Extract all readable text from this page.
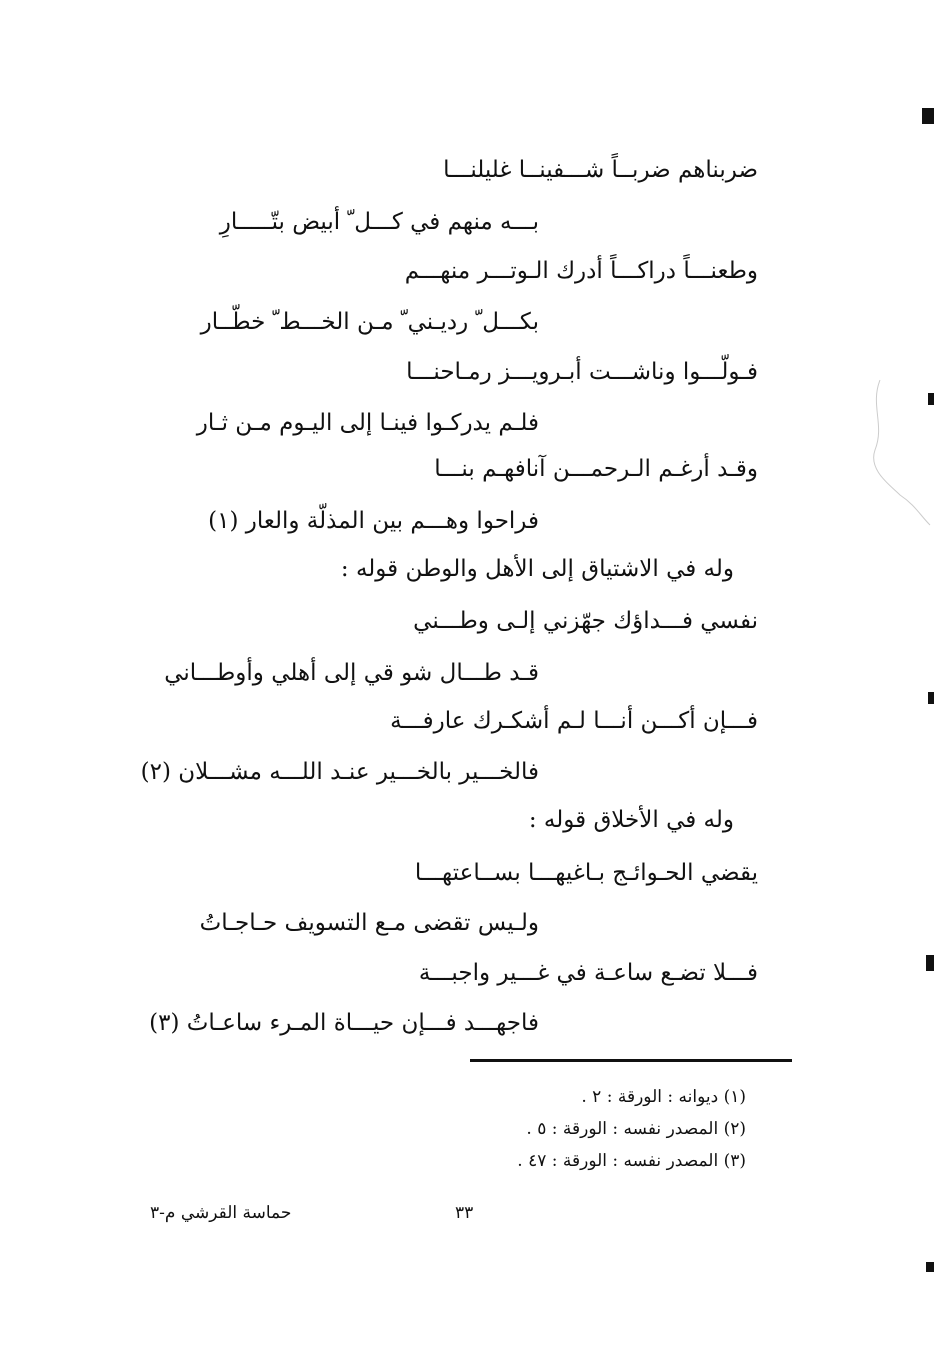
ضربناهم ضربــاً شـــفينــا غليلنـــا
بـــه منهم في كـــل ّ أبيض بتّـــــارِ
وطعنـــاً دراكـــاً أدرك الـوتـــر منهـــم
بكـــل ّ رديـني ّ مـن الخـــط ّ خطّــار
فـولّـــوا وناشـــت أبـرويـــز رمـاحنـــا
فلـم يدركـوا فينـا إلى اليـوم مـن ثـار
وقـد أرغـم الـرحمـــن آنافهـم بنـــا
فراحوا وهـــم بين المذلّة والعار (١)
وله في الاشتياق إلى الأهل والوطن قوله :
نفسي فـــداؤك جهّزني إلـى وطـــني
قـد طـــال شو قي إلى أهلي وأوطـــاني
فـــإن أكـــن أنـــا لـم أشكـرك عارفـــة
فالخـــير بالخـــير عنـد اللـــه مشـــلان (٢)
وله في الأخلاق قوله :
يقضي الحـوائـج بـاغيهـــا بســاعتهـــا
ولـيس تقضى مـع التسويف حـاجـاتُ
فـــلا تضـع ساعـة في غـــير واجبـــة
فاجهـــد فـــإن حيـــاة المـرء ساعـاتُ (٣)
(١) ديوانه : الورقة : ٢ .
(٢) المصدر نفسه : الورقة : ٥ .
(٣) المصدر نفسه : الورقة : ٤٧ .
حماسة القرشي م-٣	٣٣
